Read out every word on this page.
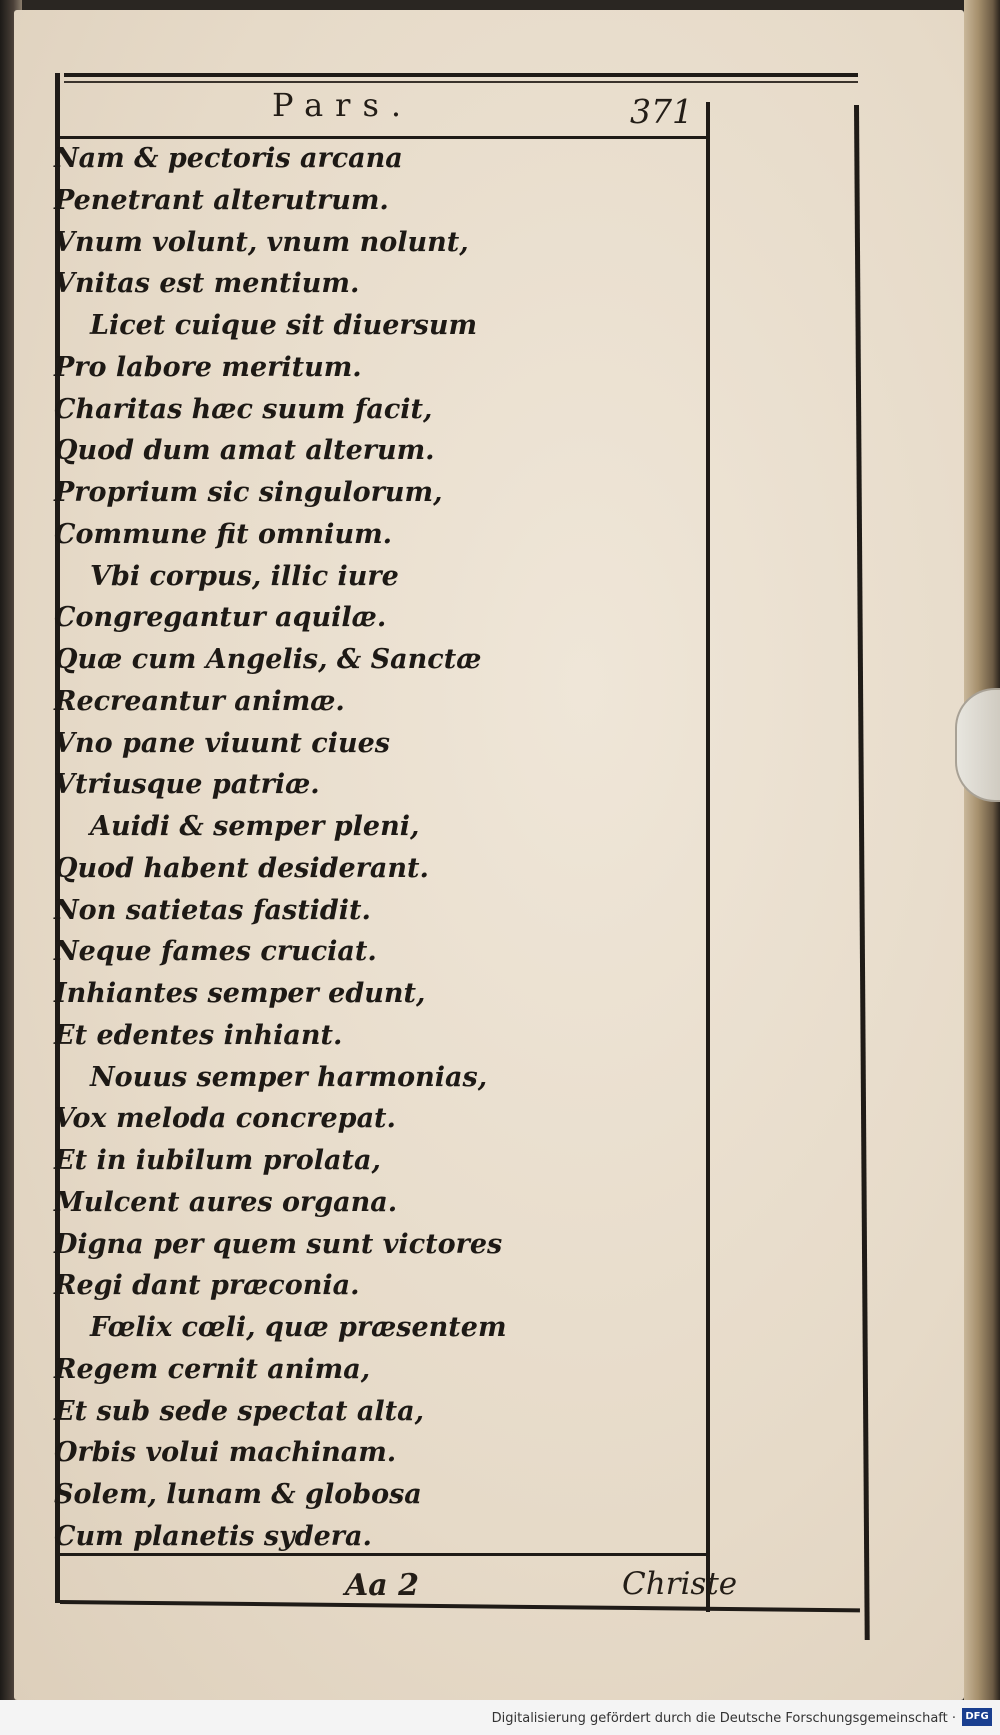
Pars.	371
Nam & pectoris arcana
Penetrant alterutrum.
Vnum volunt, vnum nolunt,
Vnitas est mentium.
Licet cuique sit diuersum
Pro labore meritum.
Charitas hæc suum facit,
Quod dum amat alterum.
Proprium sic singulorum,
Commune fit omnium.
Vbi corpus, illic iure
Congregantur aquilæ.
Quæ cum Angelis, & Sanctæ
Recreantur animæ.
Vno pane viuunt ciues
Vtriusque patriæ.
Auidi & semper pleni,
Quod habent desiderant.
Non satietas fastidit.
Neque fames cruciat.
Inhiantes semper edunt,
Et edentes inhiant.
Nouus semper harmonias,
Vox meloda concrepat.
Et in iubilum prolata,
Mulcent aures organa.
Digna per quem sunt victores
Regi dant præconia.
Fœlix cœli, quæ præsentem
Regem cernit anima,
Et sub sede spectat alta,
Orbis volui machinam.
Solem, lunam & globosa
Cum planetis sydera.
Aa 2	Christe
Digitalisierung gefördert durch die Deutsche Forschungsgemeinschaft · DFG
